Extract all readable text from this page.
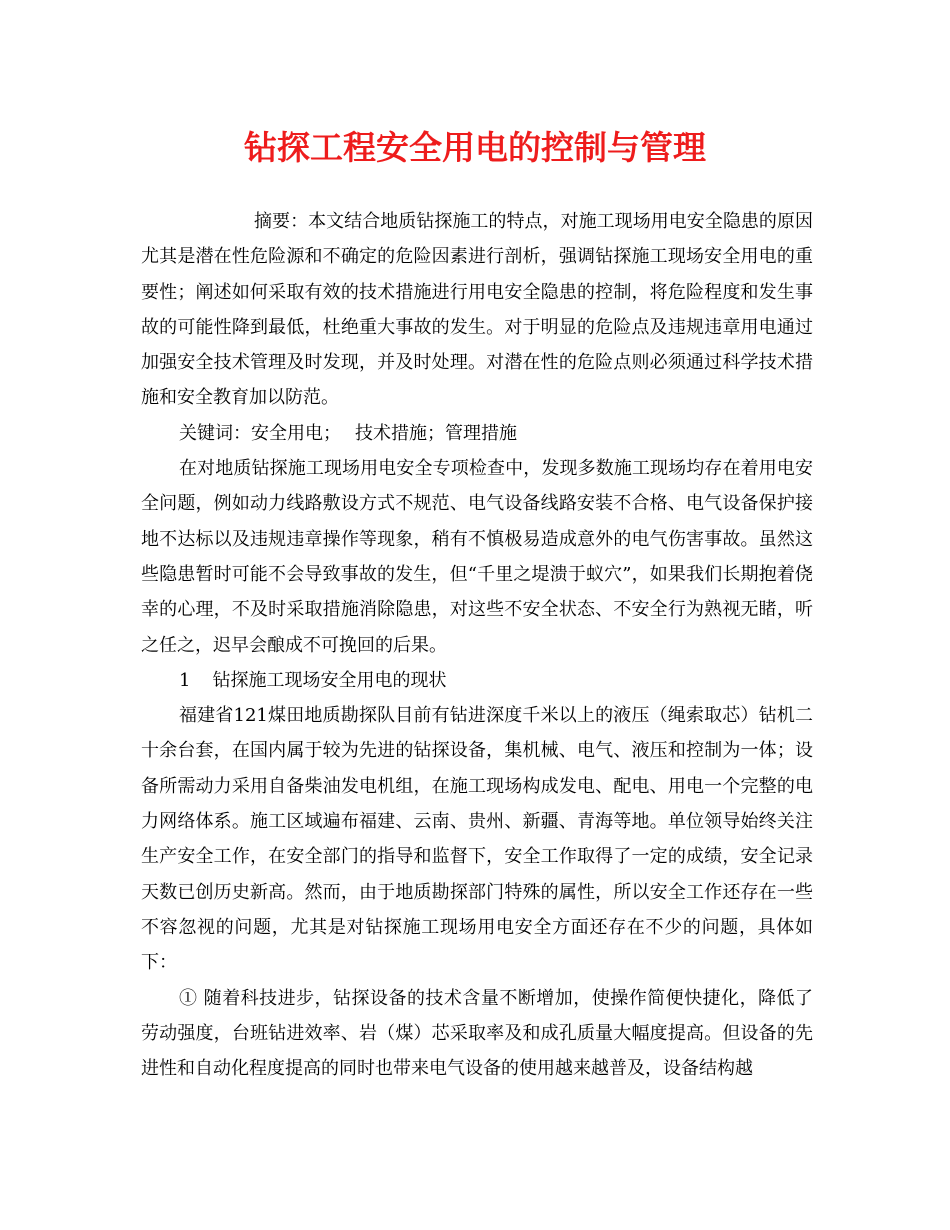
钻探工程安全用电的控制与管理

摘要：本文结合地质钻探施工的特点，对施工现场用电安全隐患的原因尤其是潜在性危险源和不确定的危险因素进行剖析，强调钻探施工现场安全用电的重要性；阐述如何采取有效的技术措施进行用电安全隐患的控制，将危险程度和发生事故的可能性降到最低，杜绝重大事故的发生。对于明显的危险点及违规违章用电通过加强安全技术管理及时发现，并及时处理。对潜在性的危险点则必须通过科学技术措施和安全教育加以防范。

关键词：安全用电； 技术措施；管理措施

在对地质钻探施工现场用电安全专项检查中，发现多数施工现场均存在着用电安全问题，例如动力线路敷设方式不规范、电气设备线路安装不合格、电气设备保护接地不达标以及违规违章操作等现象，稍有不慎极易造成意外的电气伤害事故。虽然这些隐患暂时可能不会导致事故的发生，但“千里之堤溃于蚁穴”，如果我们长期抱着侥幸的心理，不及时采取措施消除隐患，对这些不安全状态、不安全行为熟视无睹，听之任之，迟早会酿成不可挽回的后果。

1 钻探施工现场安全用电的现状

福建省121煤田地质勘探队目前有钻进深度千米以上的液压（绳索取芯）钻机二十余台套，在国内属于较为先进的钻探设备，集机械、电气、液压和控制为一体；设备所需动力采用自备柴油发电机组，在施工现场构成发电、配电、用电一个完整的电力网络体系。施工区域遍布福建、云南、贵州、新疆、青海等地。单位领导始终关注生产安全工作，在安全部门的指导和监督下，安全工作取得了一定的成绩，安全记录天数已创历史新高。然而，由于地质勘探部门特殊的属性，所以安全工作还存在一些不容忽视的问题，尤其是对钻探施工现场用电安全方面还存在不少的问题，具体如下：

① 随着科技进步，钻探设备的技术含量不断增加，使操作简便快捷化，降低了劳动强度，台班钻进效率、岩（煤）芯采取率及和成孔质量大幅度提高。但设备的先进性和自动化程度提高的同时也带来电气设备的使用越来越普及，设备结构越
